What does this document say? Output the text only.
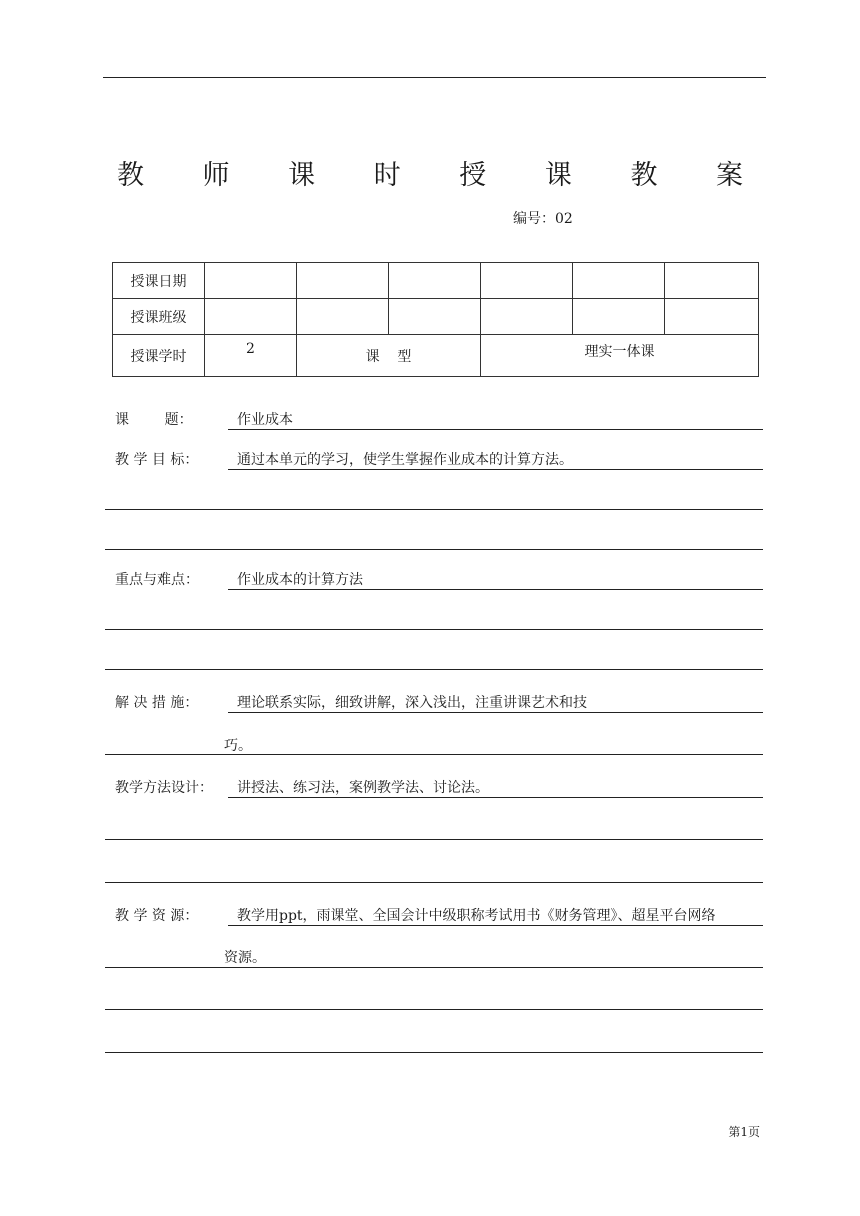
教 师 课 时 授 课 教 案
编号：02
授课日期						
授课班级						
授课学时	2	课    型		理实一体课		
课        题：	作业成本
教 学 目 标：	通过本单元的学习，使学生掌握作业成本的计算方法。
重点与难点：	作业成本的计算方法
解 决 措 施：	理论联系实际，细致讲解，深入浅出，注重讲课艺术和技
巧。
教学方法设计： 讲授法、练习法，案例教学法、讨论法。
教 学 资 源：	教学用ppt，雨课堂、全国会计中级职称考试用书《财务管理》、超星平台网络
资源。
第1页
